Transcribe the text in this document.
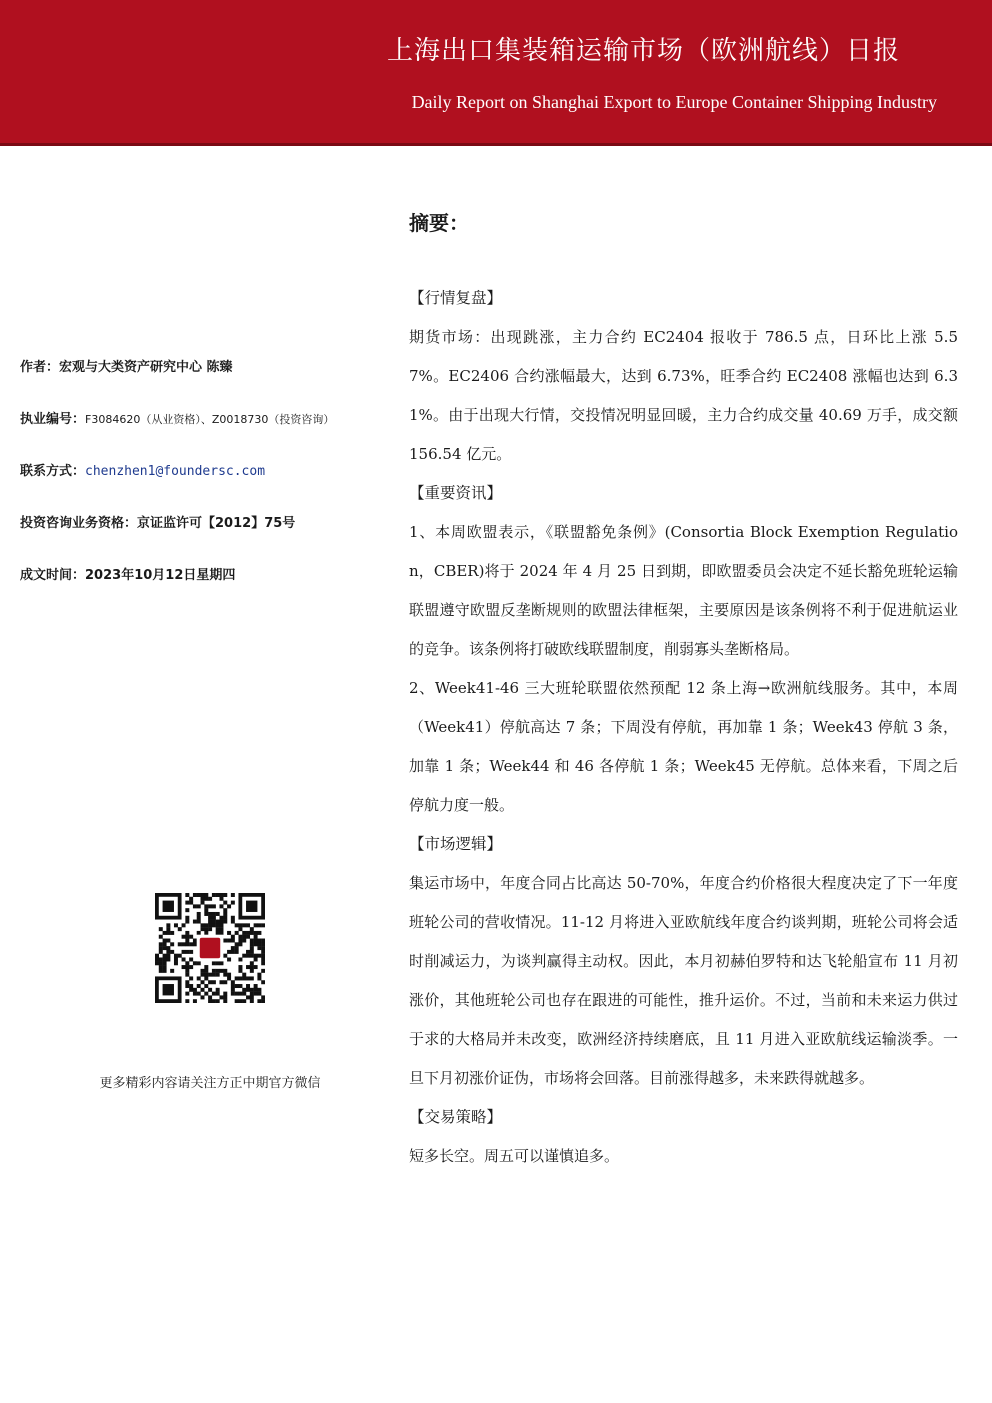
上海出口集装箱运输市场（欧洲航线）日报
Daily Report on Shanghai Export to Europe Container Shipping Industry
作者：宏观与大类资产研究中心 陈臻
执业编号：F3084620（从业资格）、Z0018730（投资咨询）
联系方式：chenzhen1@foundersc.com
投资咨询业务资格：京证监许可【2012】75号
成文时间：2023年10月12日星期四
更多精彩内容请关注方正中期官方微信
摘要：
【行情复盘】

期货市场：出现跳涨，主力合约 EC2404 报收于 786.5 点，日环比上涨 5.57%。EC2406 合约涨幅最大，达到 6.73%，旺季合约 EC2408 涨幅也达到 6.31%。由于出现大行情，交投情况明显回暖，主力合约成交量 40.69 万手，成交额 156.54 亿元。

【重要资讯】

1、本周欧盟表示，《联盟豁免条例》(Consortia Block Exemption Regulation，CBER)将于 2024 年 4 月 25 日到期，即欧盟委员会决定不延长豁免班轮运输联盟遵守欧盟反垄断规则的欧盟法律框架，主要原因是该条例将不利于促进航运业的竞争。该条例将打破欧线联盟制度，削弱寡头垄断格局。

2、Week41-46 三大班轮联盟依然预配 12 条上海→欧洲航线服务。其中，本周（Week41）停航高达 7 条；下周没有停航，再加靠 1 条；Week43 停航 3 条，加靠 1 条；Week44 和 46 各停航 1 条；Week45 无停航。总体来看，下周之后停航力度一般。

【市场逻辑】

集运市场中，年度合同占比高达 50-70%，年度合约价格很大程度决定了下一年度班轮公司的营收情况。11-12 月将进入亚欧航线年度合约谈判期，班轮公司将会适时削减运力，为谈判赢得主动权。因此，本月初赫伯罗特和达飞轮船宣布 11 月初涨价，其他班轮公司也存在跟进的可能性，推升运价。不过，当前和未来运力供过于求的大格局并未改变，欧洲经济持续磨底，且 11 月进入亚欧航线运输淡季。一旦下月初涨价证伪，市场将会回落。目前涨得越多，未来跌得就越多。

【交易策略】

短多长空。周五可以谨慎追多。
